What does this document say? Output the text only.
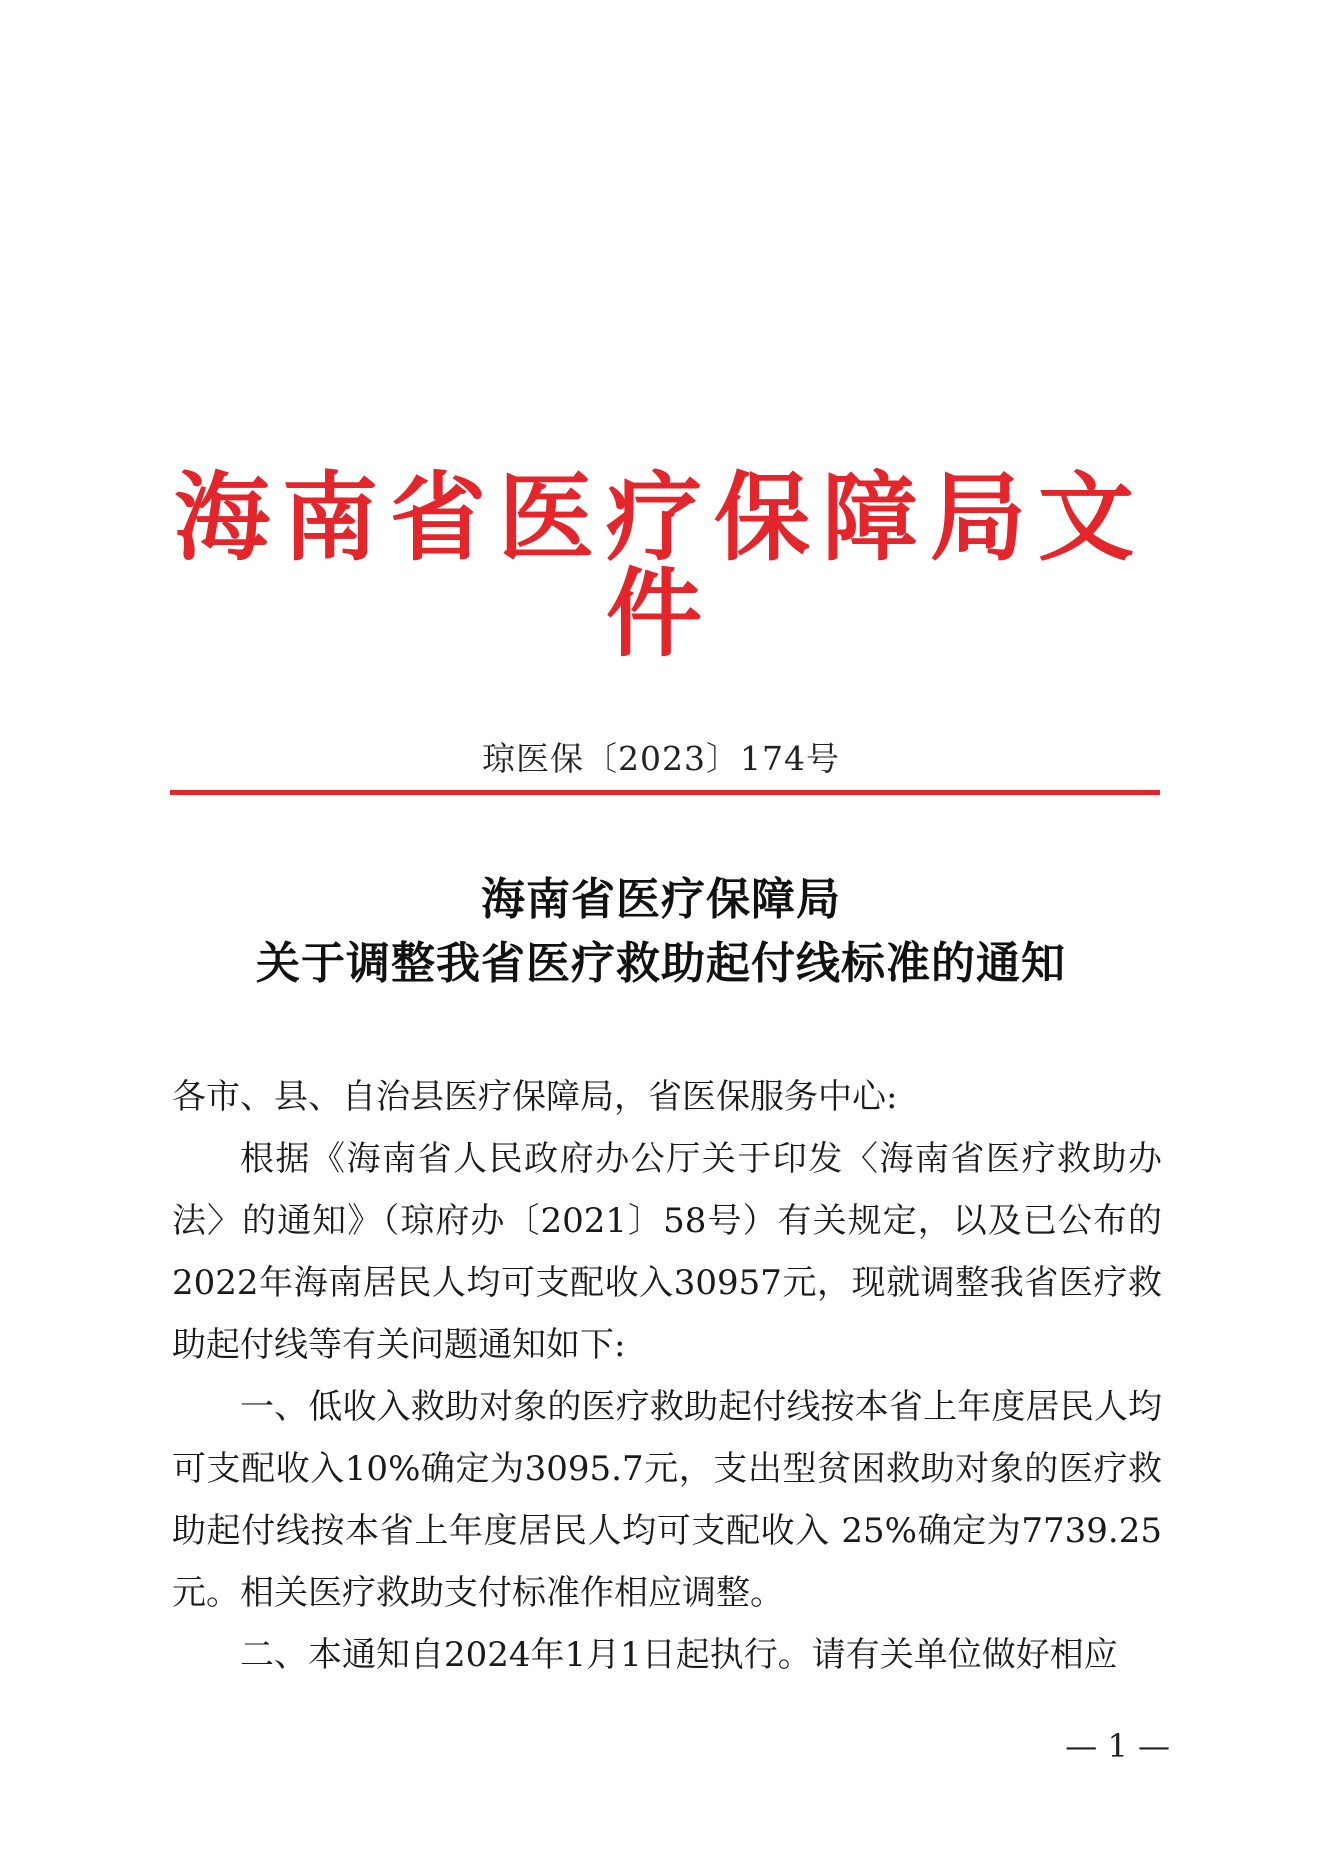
海南省医疗保障局文件
琼医保〔2023〕174号
海南省医疗保障局
关于调整我省医疗救助起付线标准的通知
各市、县、自治县医疗保障局，省医保服务中心:

根据《海南省人民政府办公厅关于印发〈海南省医疗救助办法〉的通知》（琼府办〔2021〕58号）有关规定，以及已公布的2022年海南居民人均可支配收入30957元，现就调整我省医疗救助起付线等有关问题通知如下:

一、低收入救助对象的医疗救助起付线按本省上年度居民人均可支配收入10%确定为3095.7元，支出型贫困救助对象的医疗救助起付线按本省上年度居民人均可支配收入 25%确定为7739.25元。相关医疗救助支付标准作相应调整。

二、本通知自2024年1月1日起执行。请有关单位做好相应

— 1 —
